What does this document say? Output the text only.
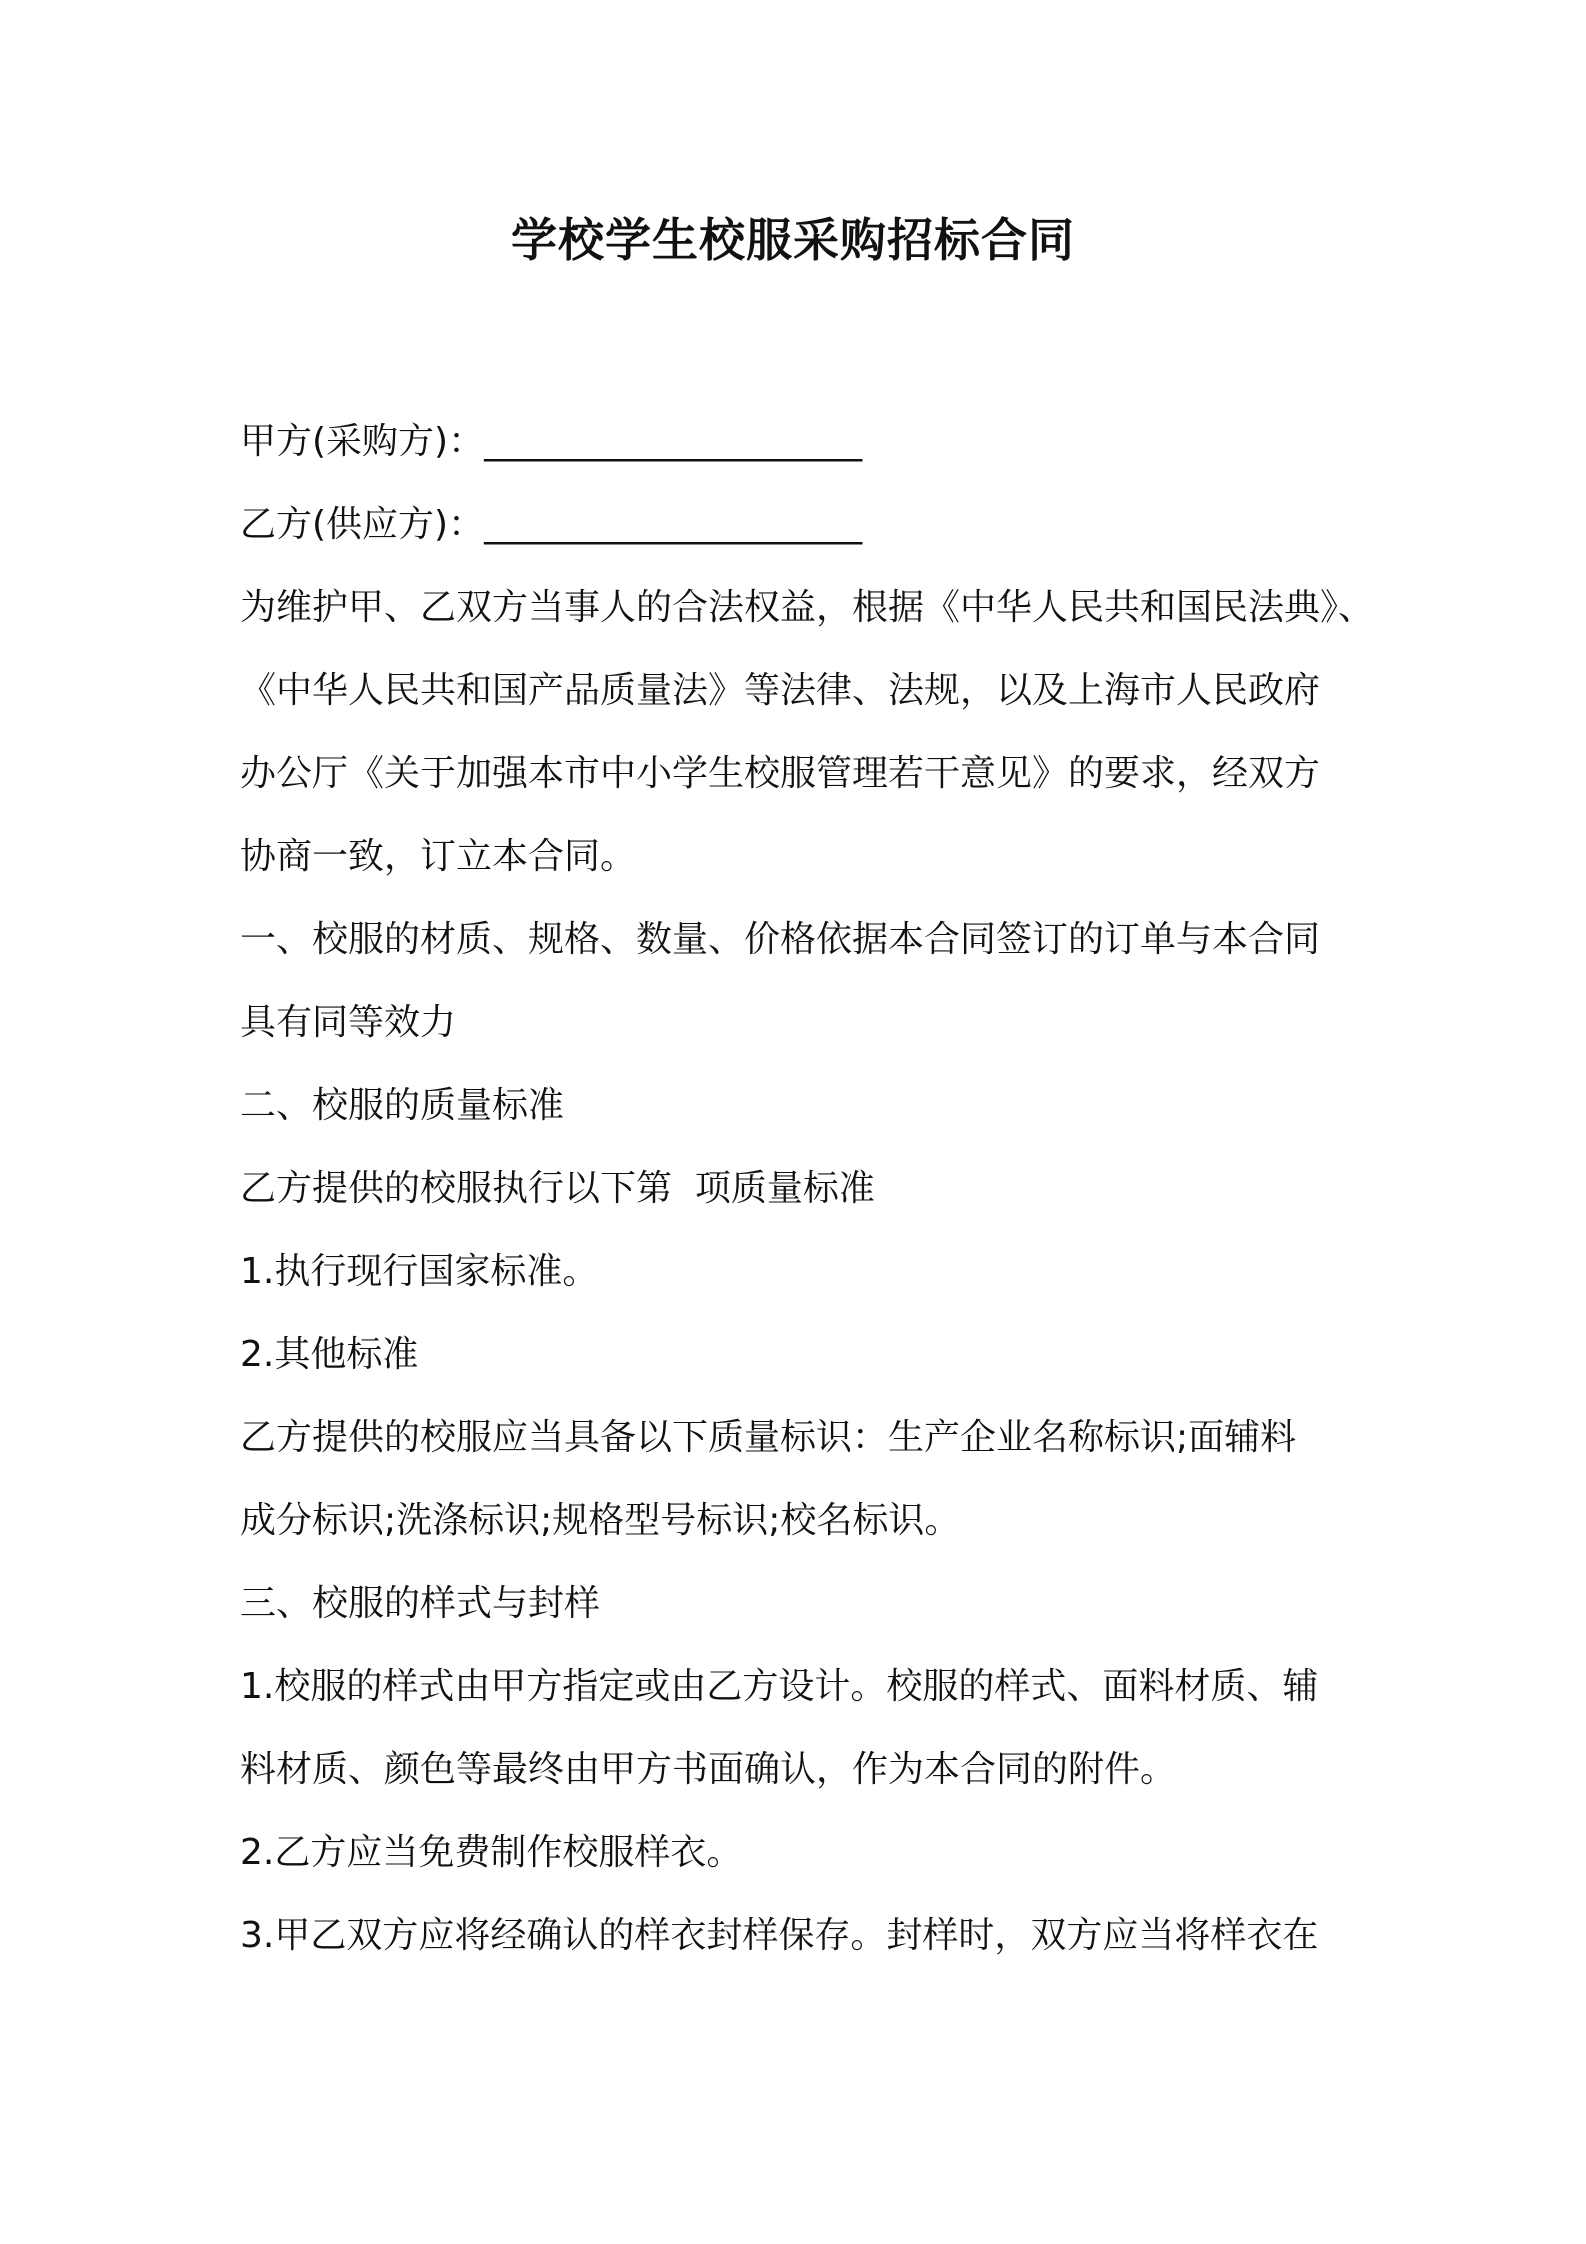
学校学生校服采购招标合同

甲方(采购方)：_____________________

乙方(供应方)：_____________________

为维护甲、乙双方当事人的合法权益，根据《中华人民共和国民法典》、
《中华人民共和国产品质量法》等法律、法规，以及上海市人民政府
办公厅《关于加强本市中小学生校服管理若干意见》的要求，经双方
协商一致，订立本合同。

一、校服的材质、规格、数量、价格依据本合同签订的订单与本合同
具有同等效力

二、校服的质量标准

乙方提供的校服执行以下第  项质量标准

1.执行现行国家标准。

2.其他标准

乙方提供的校服应当具备以下质量标识：生产企业名称标识;面辅料
成分标识;洗涤标识;规格型号标识;校名标识。

三、校服的样式与封样

1.校服的样式由甲方指定或由乙方设计。校服的样式、面料材质、辅
料材质、颜色等最终由甲方书面确认，作为本合同的附件。

2.乙方应当免费制作校服样衣。

3.甲乙双方应将经确认的样衣封样保存。封样时，双方应当将样衣在
